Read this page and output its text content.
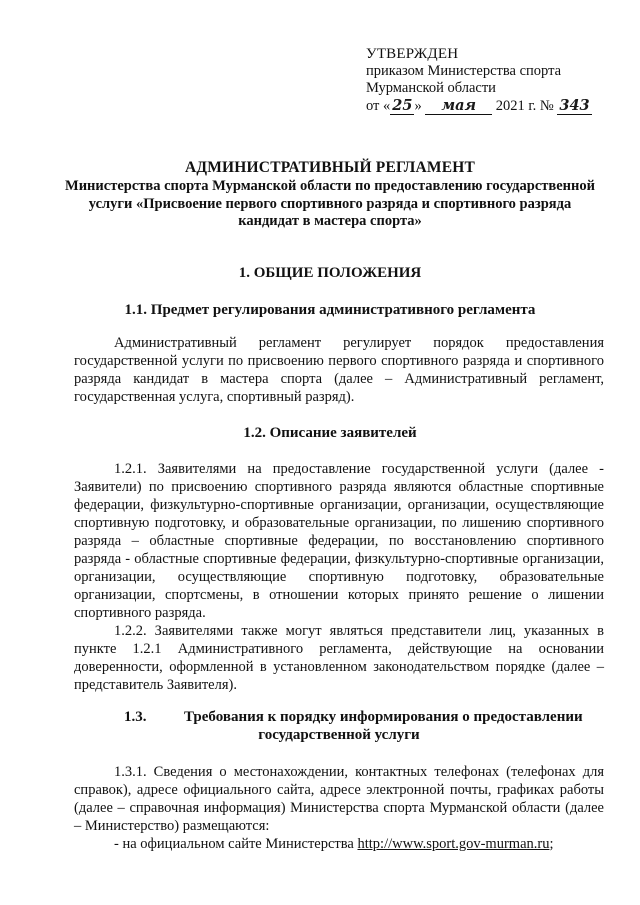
УТВЕРЖДЕН
приказом Министерства спорта
Мурманской области
от « 25 » мая 2021 г. № 343
АДМИНИСТРАТИВНЫЙ РЕГЛАМЕНТ
Министерства спорта Мурманской области по предоставлению государственной услуги «Присвоение первого спортивного разряда и спортивного разряда кандидат в мастера спорта»
1. ОБЩИЕ ПОЛОЖЕНИЯ
1.1. Предмет регулирования административного регламента
Административный регламент регулирует порядок предоставления государственной услуги по присвоению первого спортивного разряда и спортивного разряда кандидат в мастера спорта (далее – Административный регламент, государственная услуга, спортивный разряд).
1.2. Описание заявителей
1.2.1. Заявителями на предоставление государственной услуги (далее - Заявители) по присвоению спортивного разряда являются областные спортивные федерации, физкультурно-спортивные организации, организации, осуществляющие спортивную подготовку, и образовательные организации, по лишению спортивного разряда – областные спортивные федерации, по восстановлению спортивного разряда - областные спортивные федерации, физкультурно-спортивные организации, организации, осуществляющие спортивную подготовку, образовательные организации, спортсмены, в отношении которых принято решение о лишении спортивного разряда.
1.2.2. Заявителями также могут являться представители лиц, указанных в пункте 1.2.1 Административного регламента, действующие на основании доверенности, оформленной в установленном законодательством порядке (далее – представитель Заявителя).
1.3.	Требования к порядку информирования о предоставлении
государственной услуги
1.3.1. Сведения о местонахождении, контактных телефонах (телефонах для справок), адресе официального сайта, адресе электронной почты, графиках работы (далее – справочная информация) Министерства спорта Мурманской области (далее – Министерство) размещаются:
- на официальном сайте Министерства http://www.sport.gov-murman.ru;
